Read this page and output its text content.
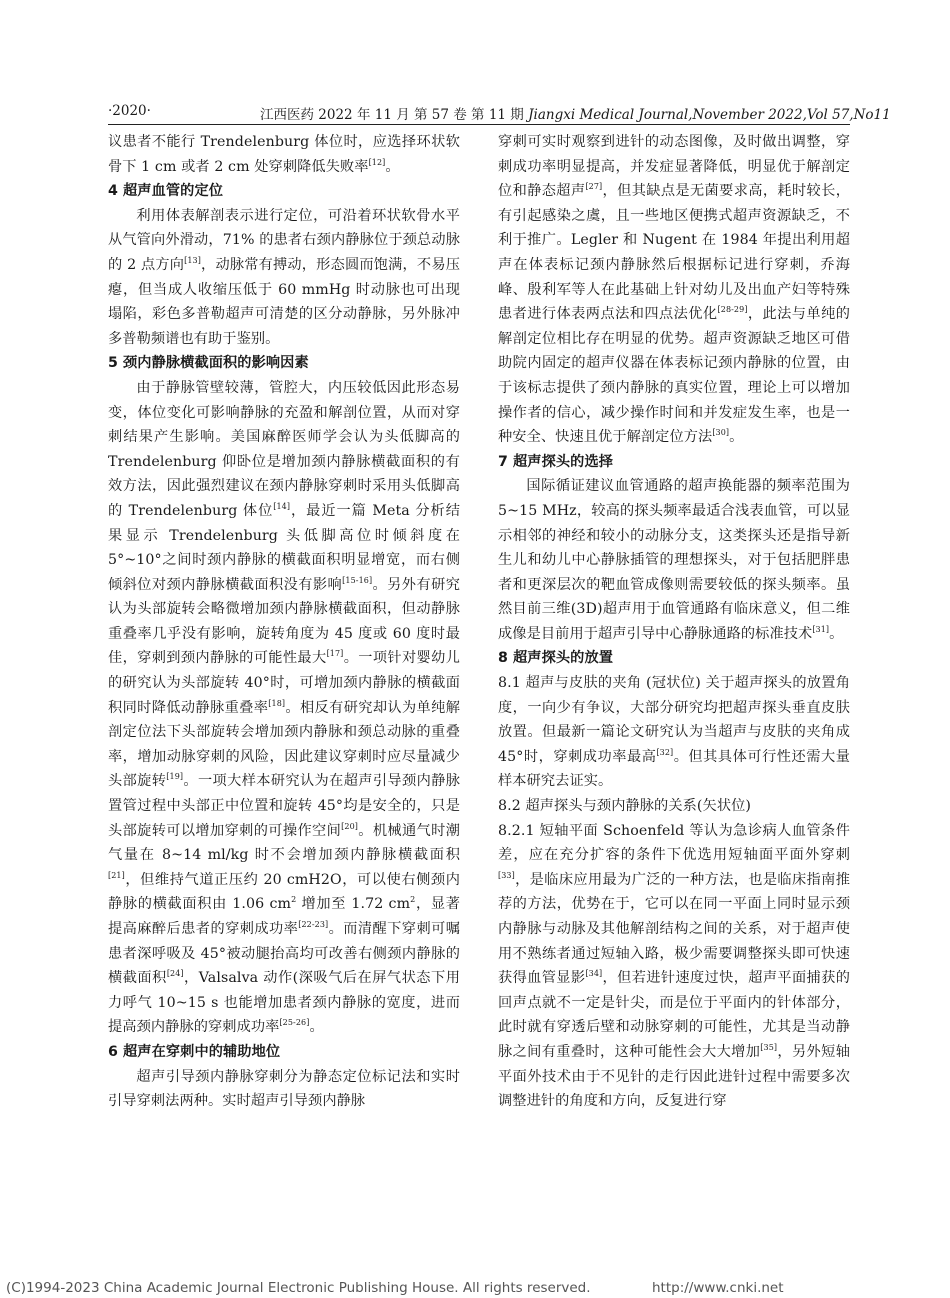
·2020·	江西医药 2022 年 11 月 第 57 卷 第 11 期 Jiangxi Medical Journal,November 2022,Vol 57,No11

议患者不能行 Trendelenburg 体位时，应选择环状软骨下 1 cm 或者 2 cm 处穿刺降低失败率[12]。

4 超声血管的定位

利用体表解剖表示进行定位，可沿着环状软骨水平从气管向外滑动，71% 的患者右颈内静脉位于颈总动脉的 2 点方向[13]，动脉常有搏动，形态圆而饱满，不易压瘪，但当成人收缩压低于 60 mmHg 时动脉也可出现塌陷，彩色多普勒超声可清楚的区分动静脉，另外脉冲多普勒频谱也有助于鉴别。

5 颈内静脉横截面积的影响因素

由于静脉管壁较薄，管腔大，内压较低因此形态易变，体位变化可影响静脉的充盈和解剖位置，从而对穿刺结果产生影响。美国麻醉医师学会认为头低脚高的 Trendelenburg 仰卧位是增加颈内静脉横截面积的有效方法，因此强烈建议在颈内静脉穿刺时采用头低脚高的 Trendelenburg 体位[14]，最近一篇 Meta 分析结果显示 Trendelenburg 头低脚高位时倾斜度在 5°~10°之间时颈内静脉的横截面积明显增宽，而右侧倾斜位对颈内静脉横截面积没有影响[15-16]。另外有研究认为头部旋转会略微增加颈内静脉横截面积，但动静脉重叠率几乎没有影响，旋转角度为 45 度或 60 度时最佳，穿刺到颈内静脉的可能性最大[17]。一项针对婴幼儿的研究认为头部旋转 40°时，可增加颈内静脉的横截面积同时降低动静脉重叠率[18]。相反有研究却认为单纯解剖定位法下头部旋转会增加颈内静脉和颈总动脉的重叠率，增加动脉穿刺的风险，因此建议穿刺时应尽量减少头部旋转[19]。一项大样本研究认为在超声引导颈内静脉置管过程中头部正中位置和旋转 45°均是安全的，只是头部旋转可以增加穿刺的可操作空间[20]。机械通气时潮气量在 8~14 ml/kg 时不会增加颈内静脉横截面积[21]，但维持气道正压约 20 cmH2O，可以使右侧颈内静脉的横截面积由 1.06 $cm^2$ 增加至 1.72 $cm^2$，显著提高麻醉后患者的穿刺成功率[22-23]。而清醒下穿刺可嘱患者深呼吸及 45°被动腿抬高均可改善右侧颈内静脉的横截面积[24]，Valsalva 动作(深吸气后在屏气状态下用力呼气 10~15 s 也能增加患者颈内静脉的宽度，进而提高颈内静脉的穿刺成功率[25-26]。

6 超声在穿刺中的辅助地位

超声引导颈内静脉穿刺分为静态定位标记法和实时引导穿刺法两种。实时超声引导颈内静脉

穿刺可实时观察到进针的动态图像，及时做出调整，穿刺成功率明显提高，并发症显著降低，明显优于解剖定位和静态超声[27]，但其缺点是无菌要求高，耗时较长，有引起感染之虞，且一些地区便携式超声资源缺乏，不利于推广。Legler 和 Nugent 在 1984 年提出利用超声在体表标记颈内静脉然后根据标记进行穿刺，乔海峰、殷利军等人在此基础上针对幼儿及出血产妇等特殊患者进行体表两点法和四点法优化[28-29]，此法与单纯的解剖定位相比存在明显的优势。超声资源缺乏地区可借助院内固定的超声仪器在体表标记颈内静脉的位置，由于该标志提供了颈内静脉的真实位置，理论上可以增加操作者的信心，减少操作时间和并发症发生率，也是一种安全、快速且优于解剖定位方法[30]。

7 超声探头的选择

国际循证建议血管通路的超声换能器的频率范围为 5~15 MHz，较高的探头频率最适合浅表血管，可以显示相邻的神经和较小的动脉分支，这类探头还是指导新生儿和幼儿中心静脉插管的理想探头，对于包括肥胖患者和更深层次的靶血管成像则需要较低的探头频率。虽然目前三维(3D)超声用于血管通路有临床意义，但二维成像是目前用于超声引导中心静脉通路的标准技术[31]。

8 超声探头的放置

8.1 超声与皮肤的夹角 (冠状位) 关于超声探头的放置角度，一向少有争议，大部分研究均把超声探头垂直皮肤放置。但最新一篇论文研究认为当超声与皮肤的夹角成 45°时，穿刺成功率最高[32]。但其具体可行性还需大量样本研究去证实。

8.2 超声探头与颈内静脉的关系(矢状位)

8.2.1 短轴平面 Schoenfeld 等认为急诊病人血管条件差，应在充分扩容的条件下优选用短轴面平面外穿刺[33]，是临床应用最为广泛的一种方法，也是临床指南推荐的方法，优势在于，它可以在同一平面上同时显示颈内静脉与动脉及其他解剖结构之间的关系，对于超声使用不熟练者通过短轴入路，极少需要调整探头即可快速获得血管显影[34]，但若进针速度过快，超声平面捕获的回声点就不一定是针尖，而是位于平面内的针体部分，此时就有穿透后壁和动脉穿刺的可能性，尤其是当动静脉之间有重叠时，这种可能性会大大增加[35]，另外短轴平面外技术由于不见针的走行因此进针过程中需要多次调整进针的角度和方向，反复进行穿

(C)1994-2023 China Academic Journal Electronic Publishing House. All rights reserved.	http://www.cnki.net
